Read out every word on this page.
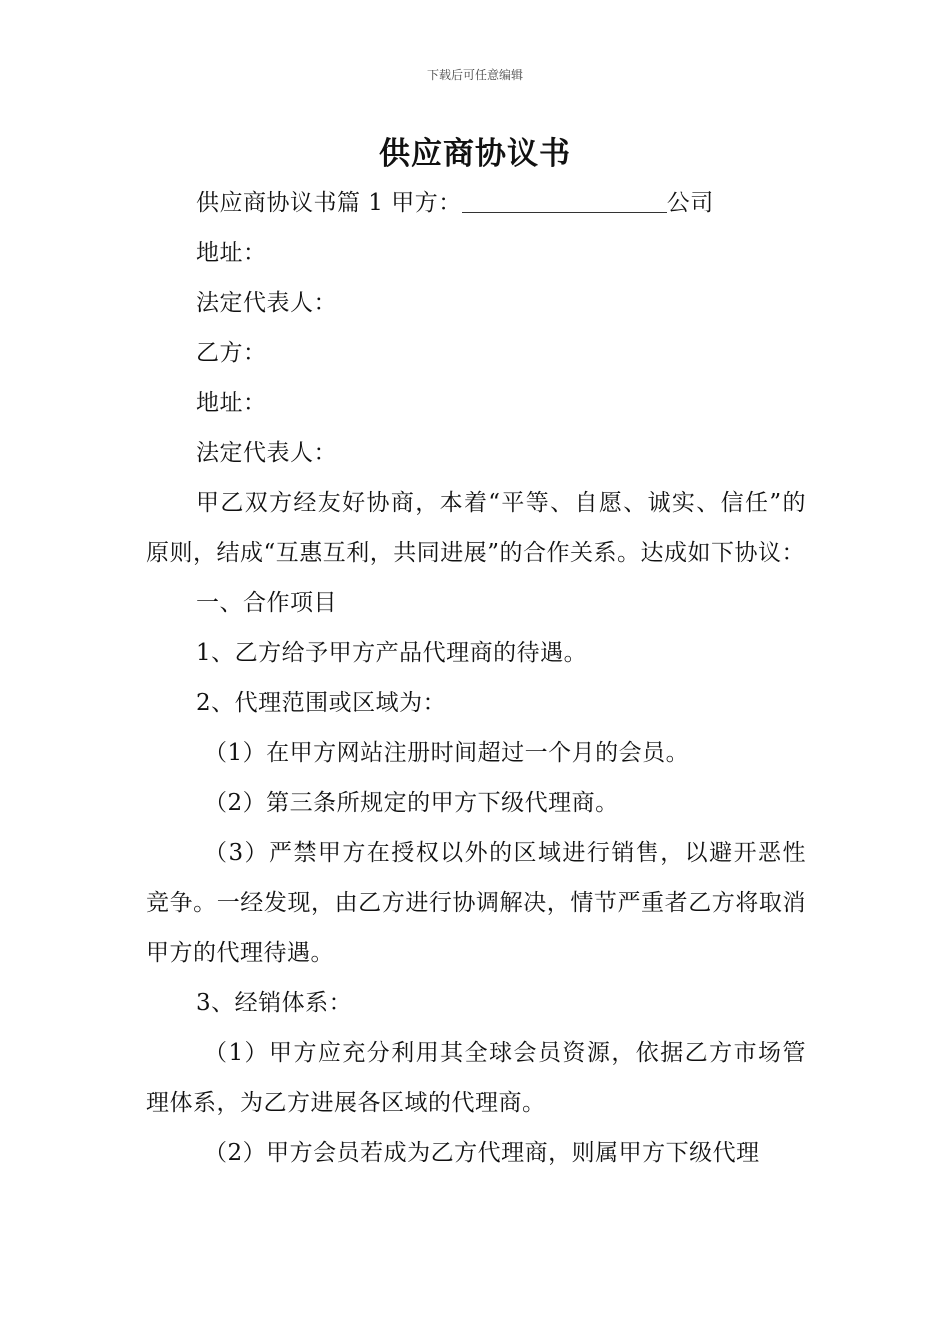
下载后可任意编辑
供应商协议书

供应商协议书篇 1 甲方：	公司

地址：

法定代表人：

乙方：

地址：

法定代表人：

甲乙双方经友好协商，本着“平等、自愿、诚实、信任”的原则，结成“互惠互利，共同进展”的合作关系。达成如下协议：

一、合作项目

1、乙方给予甲方产品代理商的待遇。

2、代理范围或区域为：

（1）在甲方网站注册时间超过一个月的会员。

（2）第三条所规定的甲方下级代理商。

（3）严禁甲方在授权以外的区域进行销售，以避开恶性竞争。一经发现，由乙方进行协调解决，情节严重者乙方将取消甲方的代理待遇。

3、经销体系：

（1）甲方应充分利用其全球会员资源，依据乙方市场管理体系，为乙方进展各区域的代理商。

（2）甲方会员若成为乙方代理商，则属甲方下级代理
